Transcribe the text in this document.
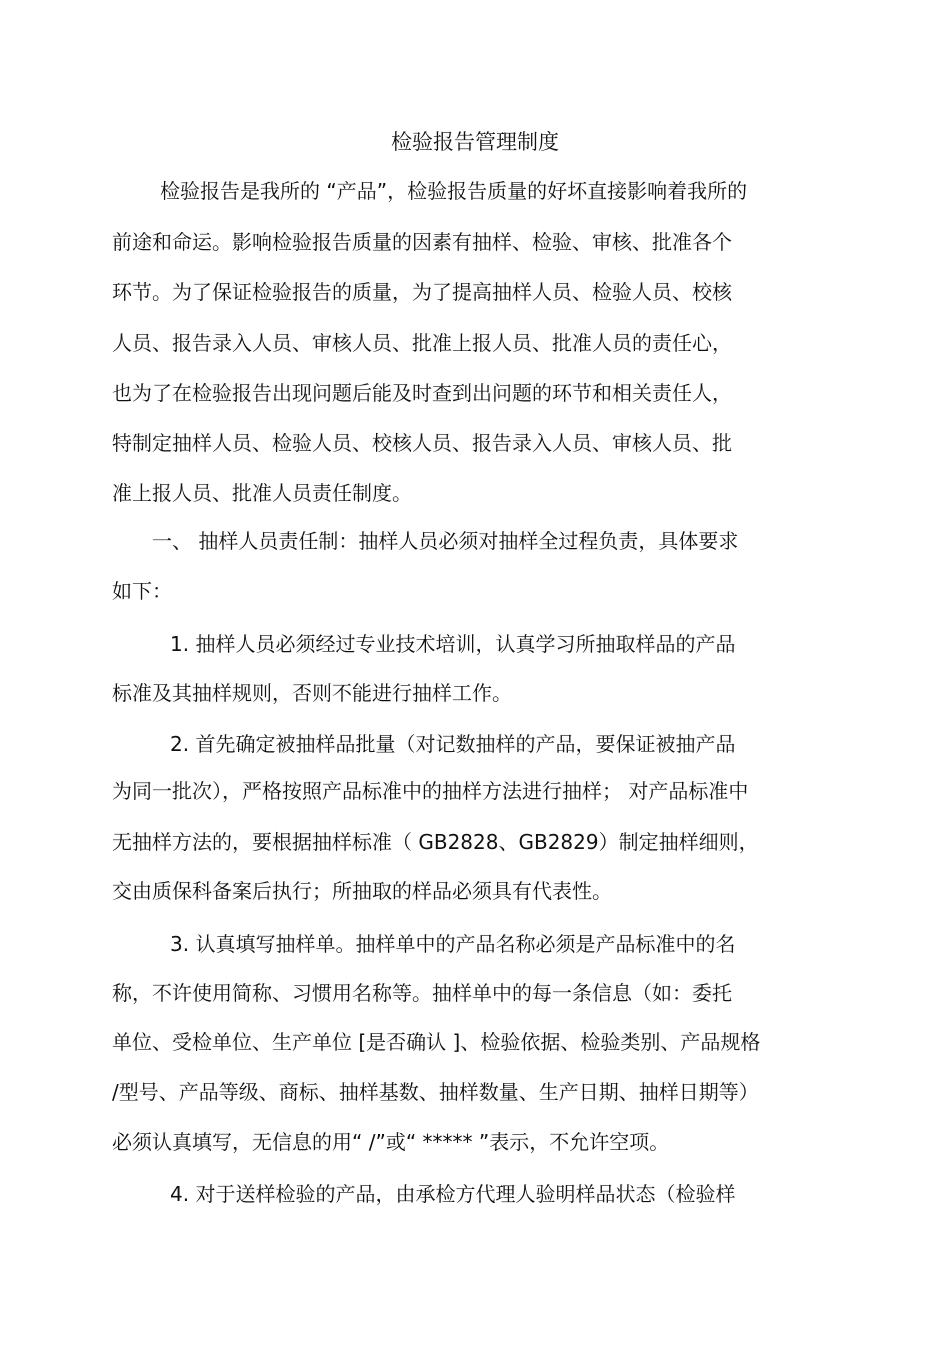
检验报告管理制度
检验报告是我所的 “产品”，检验报告质量的好坏直接影响着我所的
前途和命运。影响检验报告质量的因素有抽样、检验、审核、批准各个
环节。为了保证检验报告的质量，为了提高抽样人员、检验人员、校核
人员、报告录入人员、审核人员、批准上报人员、批准人员的责任心，
也为了在检验报告出现问题后能及时查到出问题的环节和相关责任人，
特制定抽样人员、检验人员、校核人员、报告录入人员、审核人员、批
准上报人员、批准人员责任制度。
一、 抽样人员责任制：抽样人员必须对抽样全过程负责，具体要求
如下：
1. 抽样人员必须经过专业技术培训，认真学习所抽取样品的产品
标准及其抽样规则，否则不能进行抽样工作。
2. 首先确定被抽样品批量（对记数抽样的产品，要保证被抽产品
为同一批次），严格按照产品标准中的抽样方法进行抽样； 对产品标准中
无抽样方法的，要根据抽样标准（ GB2828、GB2829）制定抽样细则，
交由质保科备案后执行；所抽取的样品必须具有代表性。
3. 认真填写抽样单。抽样单中的产品名称必须是产品标准中的名
称，不许使用简称、习惯用名称等。抽样单中的每一条信息（如：委托
单位、受检单位、生产单位 [是否确认 ]、检验依据、检验类别、产品规格
/型号、产品等级、商标、抽样基数、抽样数量、生产日期、抽样日期等）
必须认真填写，无信息的用“ /”或“ ***** ”表示，不允许空项。
4. 对于送样检验的产品，由承检方代理人验明样品状态（检验样
